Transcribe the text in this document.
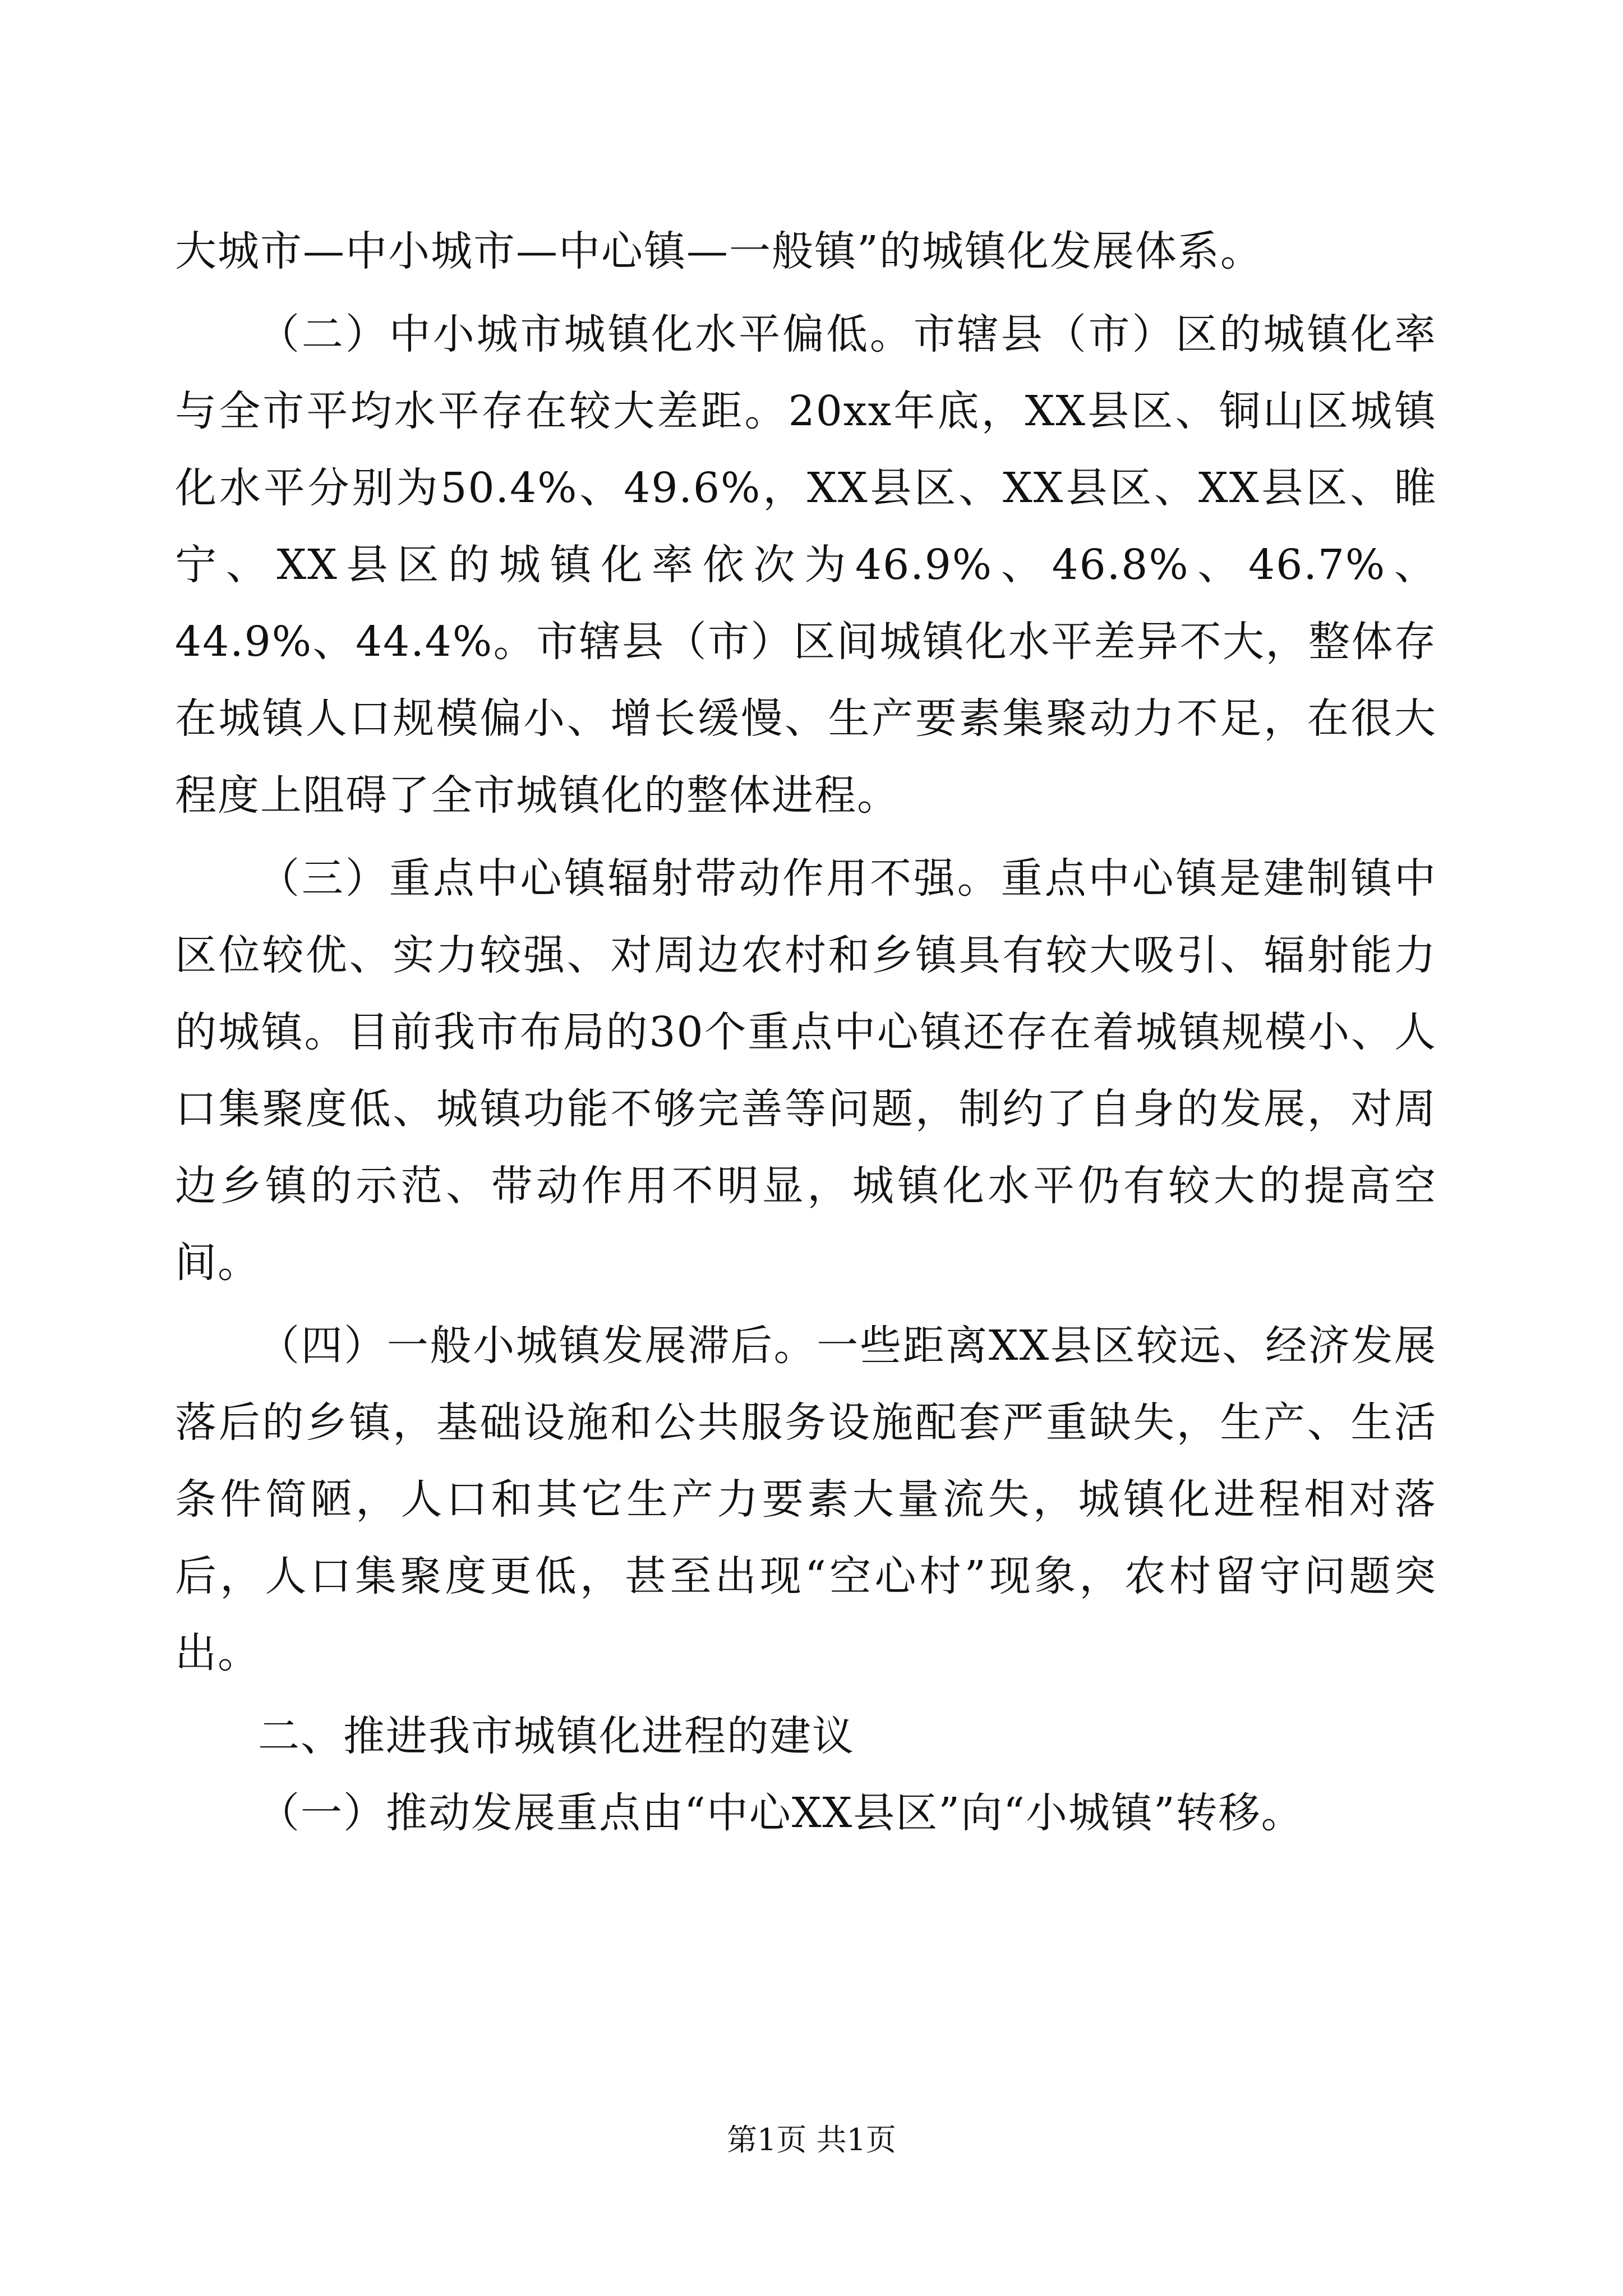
大城市—中小城市—中心镇—一般镇”的城镇化发展体系。

（二）中小城市城镇化水平偏低。市辖县（市）区的城镇化率与全市平均水平存在较大差距。20xx年底，XX县区、铜山区城镇化水平分别为50.4%、49.6%，XX县区、XX县区、XX县区、睢宁、XX县区的城镇化率依次为46.9%、46.8%、46.7%、44.9%、44.4%。市辖县（市）区间城镇化水平差异不大，整体存在城镇人口规模偏小、增长缓慢、生产要素集聚动力不足，在很大程度上阻碍了全市城镇化的整体进程。

（三）重点中心镇辐射带动作用不强。重点中心镇是建制镇中区位较优、实力较强、对周边农村和乡镇具有较大吸引、辐射能力的城镇。目前我市布局的30个重点中心镇还存在着城镇规模小、人口集聚度低、城镇功能不够完善等问题，制约了自身的发展，对周边乡镇的示范、带动作用不明显，城镇化水平仍有较大的提高空间。

（四）一般小城镇发展滞后。一些距离XX县区较远、经济发展落后的乡镇，基础设施和公共服务设施配套严重缺失，生产、生活条件简陋，人口和其它生产力要素大量流失，城镇化进程相对落后，人口集聚度更低，甚至出现“空心村”现象，农村留守问题突出。

二、推进我市城镇化进程的建议

（一）推动发展重点由“中心XX县区”向“小城镇”转移。

第1页 共1页
